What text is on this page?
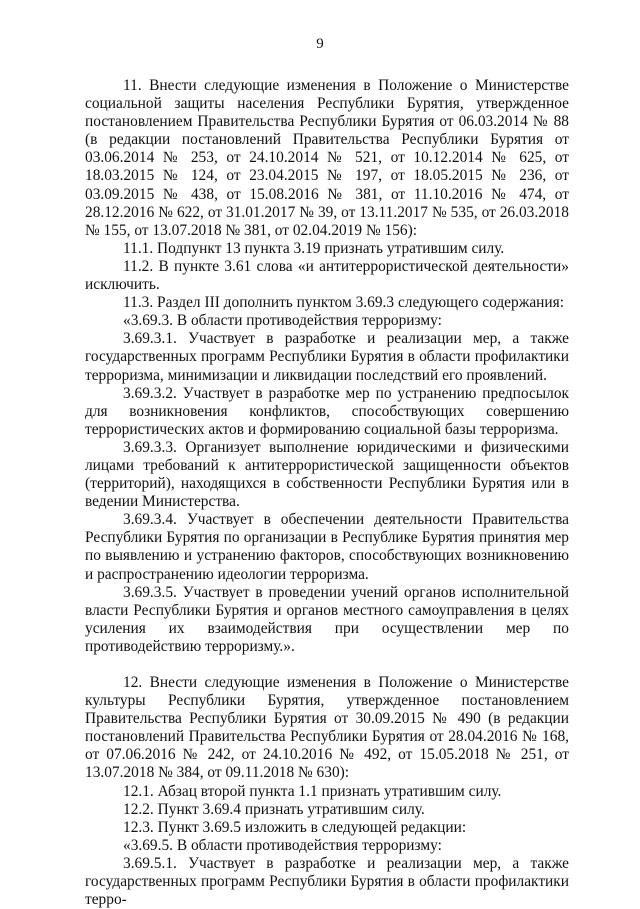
9

11. Внести следующие изменения в Положение о Министерстве социальной защиты населения Республики Бурятия, утвержденное постановлением Правительства Республики Бурятия от 06.03.2014 № 88 (в редакции постановлений Правительства Республики Бурятия от 03.06.2014 № 253, от 24.10.2014 № 521, от 10.12.2014 № 625, от 18.03.2015 № 124, от 23.04.2015 № 197, от 18.05.2015 № 236, от 03.09.2015 № 438, от 15.08.2016 № 381, от 11.10.2016 № 474, от 28.12.2016 № 622, от 31.01.2017 № 39, от 13.11.2017 № 535, от 26.03.2018 № 155, от 13.07.2018 № 381, от 02.04.2019 № 156):

11.1. Подпункт 13 пункта 3.19 признать утратившим силу.

11.2. В пункте 3.61 слова «и антитеррористической деятельности» исключить.

11.3. Раздел III дополнить пунктом 3.69.3 следующего содержания:

«3.69.3. В области противодействия терроризму:

3.69.3.1. Участвует в разработке и реализации мер, а также государственных программ Республики Бурятия в области профилактики терроризма, минимизации и ликвидации последствий его проявлений.

3.69.3.2. Участвует в разработке мер по устранению предпосылок для возникновения конфликтов, способствующих совершению террористических актов и формированию социальной базы терроризма.

3.69.3.3. Организует выполнение юридическими и физическими лицами требований к антитеррористической защищенности объектов (территорий), находящихся в собственности Республики Бурятия или в ведении Министерства.

3.69.3.4. Участвует в обеспечении деятельности Правительства Республики Бурятия по организации в Республике Бурятия принятия мер по выявлению и устранению факторов, способствующих возникновению и распространению идеологии терроризма.

3.69.3.5. Участвует в проведении учений органов исполнительной власти Республики Бурятия и органов местного самоуправления в целях усиления их взаимодействия при осуществлении мер по противодействию терроризму.».

12. Внести следующие изменения в Положение о Министерстве культуры Республики Бурятия, утвержденное постановлением Правительства Республики Бурятия от 30.09.2015 № 490 (в редакции постановлений Правительства Республики Бурятия от 28.04.2016 № 168, от 07.06.2016 № 242, от 24.10.2016 № 492, от 15.05.2018 № 251, от 13.07.2018 № 384, от 09.11.2018 № 630):

12.1. Абзац второй пункта 1.1 признать утратившим силу.

12.2. Пункт 3.69.4 признать утратившим силу.

12.3. Пункт 3.69.5 изложить в следующей редакции:

«3.69.5. В области противодействия терроризму:

3.69.5.1. Участвует в разработке и реализации мер, а также государственных программ Республики Бурятия в области профилактики терро-
